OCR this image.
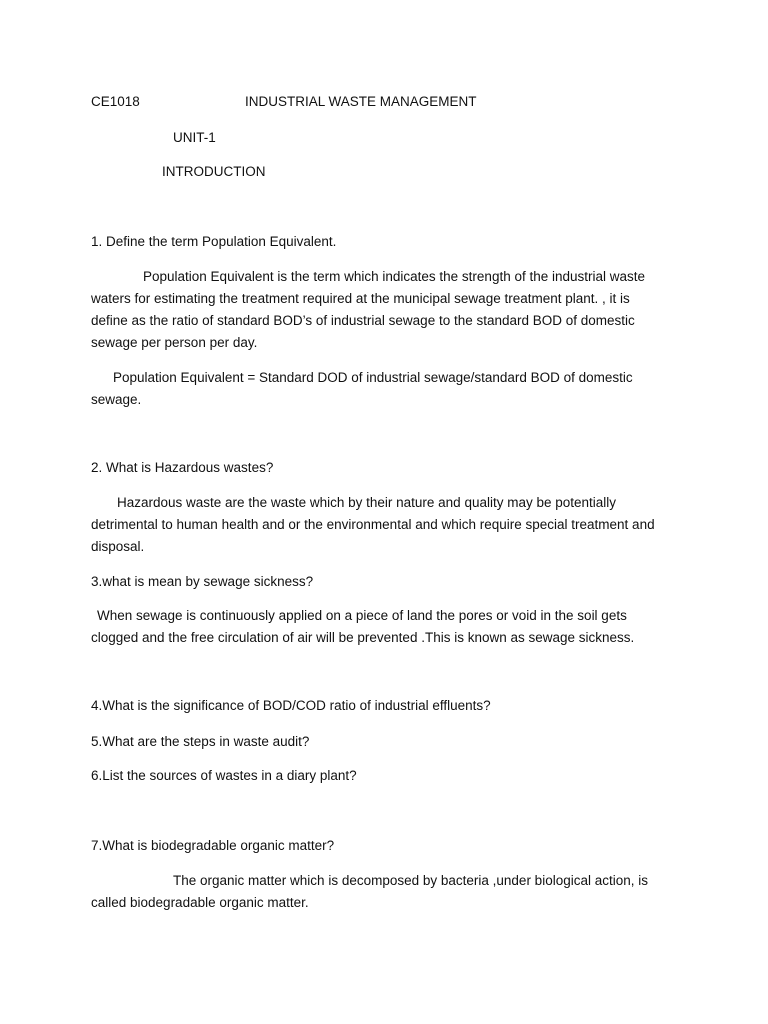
CE1018	INDUSTRIAL WASTE MANAGEMENT
UNIT-1
INTRODUCTION
1. Define the term Population Equivalent.
Population Equivalent is the term which indicates the strength of the industrial waste
waters for estimating the treatment required at the municipal sewage treatment plant. , it is
define as the ratio of standard BOD’s of industrial sewage to the standard BOD of domestic
sewage per person per day.
Population Equivalent = Standard DOD of industrial sewage/standard BOD of domestic
sewage.
2. What is Hazardous wastes?
Hazardous waste are the waste which by their nature and quality may be potentially
detrimental to human health and or the environmental and which require special treatment and
disposal.
3.what is mean by sewage sickness?
When sewage is continuously applied on a piece of land the pores or void in the soil gets
clogged and the free circulation of air will be prevented .This is known as sewage sickness.
4.What is the significance of BOD/COD ratio of industrial effluents?
5.What are the steps in waste audit?
6.List the sources of wastes in a diary plant?
7.What is biodegradable organic matter?
The organic matter which is decomposed by bacteria ,under biological action, is
called biodegradable organic matter.
